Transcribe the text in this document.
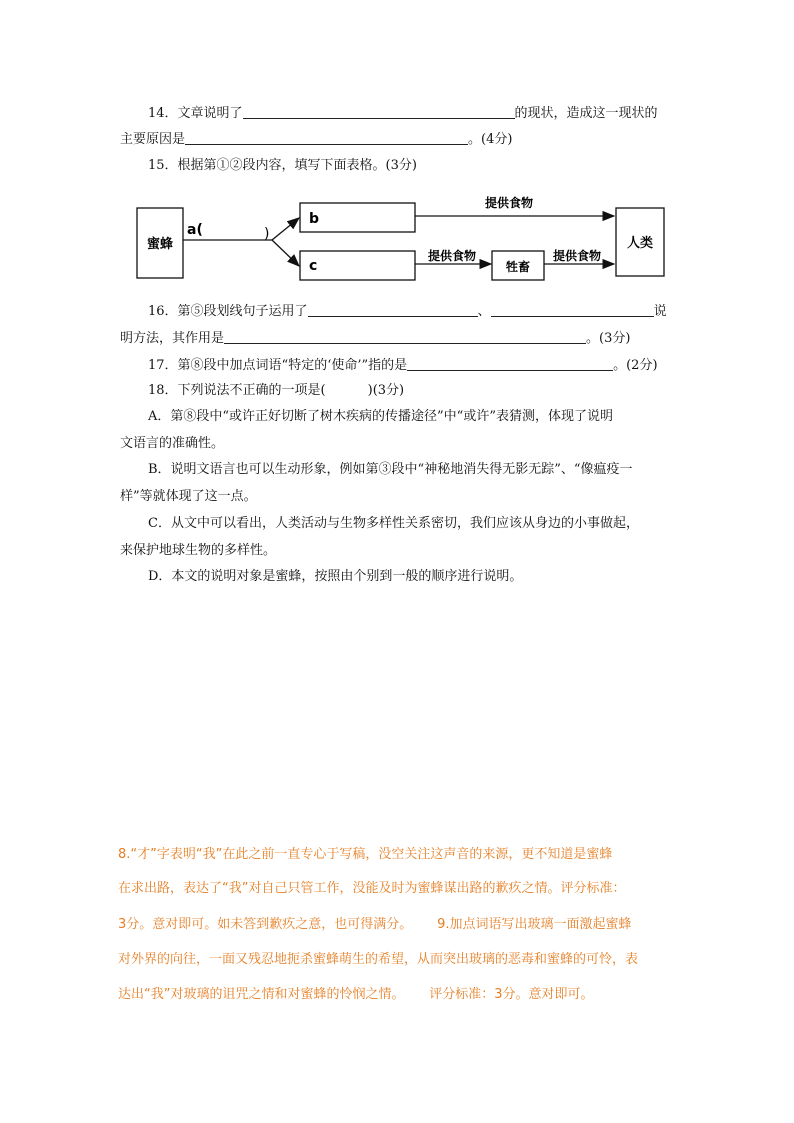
14．文章说明了	的现状，造成这一现状的
主要原因是	。(4分)
15．根据第①②段内容，填写下面表格。(3分)
蜜蜂
a(	)
b
c
提供食物
提供食物
牲畜
提供食物
人类
16．第⑤段划线句子运用了	、	说
明方法，其作用是	。(3分)
17．第⑧段中加点词语“特定的‘使命’”指的是	。(2分)
18．下列说法不正确的一项是(	)(3分)
A．第⑧段中“或许正好切断了树木疾病的传播途径”中“或许”表猜测，体现了说明
文语言的准确性。
B．说明文语言也可以生动形象，例如第③段中“神秘地消失得无影无踪”、“像瘟疫一
样”等就体现了这一点。
C．从文中可以看出，人类活动与生物多样性关系密切，我们应该从身边的小事做起，
来保护地球生物的多样性。
D．本文的说明对象是蜜蜂，按照由个别到一般的顺序进行说明。
8.“才”字表明“我”在此之前一直专心于写稿，没空关注这声音的来源，更不知道是蜜蜂
在求出路，表达了“我”对自己只管工作，没能及时为蜜蜂谋出路的歉疚之情。评分标准：
3分。意对即可。如未答到歉疚之意，也可得满分。      9.加点词语写出玻璃一面激起蜜蜂
对外界的向往，一面又残忍地扼杀蜜蜂萌生的希望，从而突出玻璃的恶毒和蜜蜂的可怜，表
达出“我”对玻璃的诅咒之情和对蜜蜂的怜悯之情。      评分标准：3分。意对即可。
